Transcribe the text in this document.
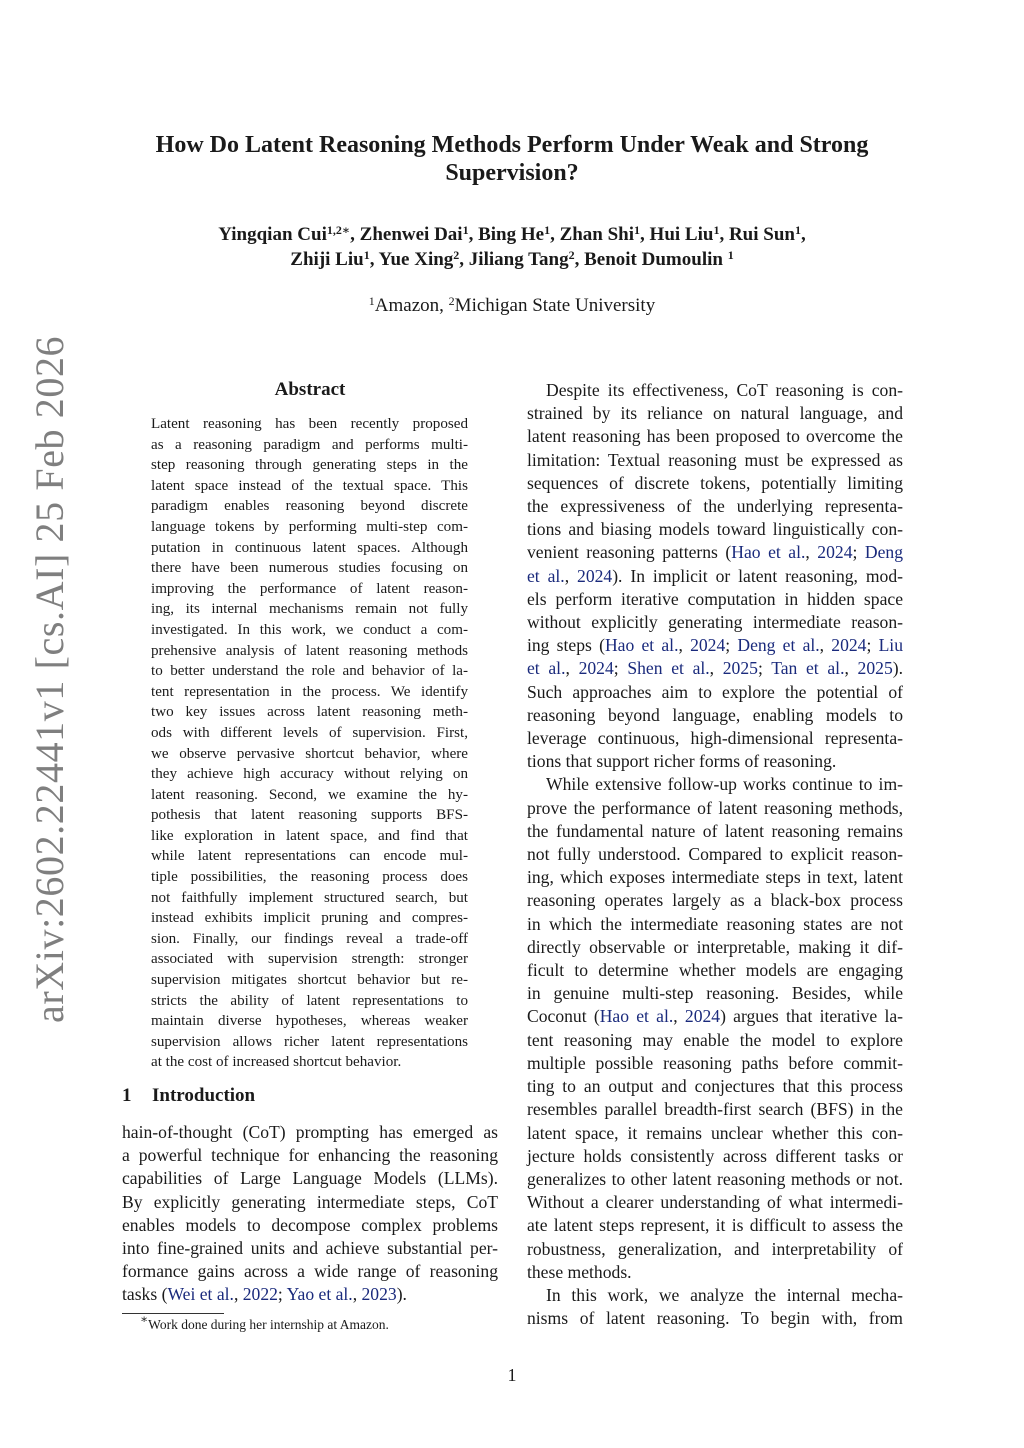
How Do Latent Reasoning Methods Perform Under Weak and Strong
Supervision?
Yingqian Cui$^{1,2∗}$, Zhenwei Dai$^1$, Bing He$^1$, Zhan Shi$^1$, Hui Liu$^1$, Rui Sun$^1$,
Zhiji Liu$^1$, Yue Xing$^2$, Jiliang Tang$^2$, Benoit Dumoulin $^1$
$^1$Amazon, $^2$Michigan State University
arXiv:2602.22441v1 [cs.AI] 25 Feb 2026	Abstract
Latent reasoning has been recently proposed
as a reasoning paradigm and performs multi-
step reasoning through generating steps in the
latent space instead of the textual space. This
paradigm enables reasoning beyond discrete
language tokens by performing multi-step com-
putation in continuous latent spaces. Although
there have been numerous studies focusing on
improving the performance of latent reason-
ing, its internal mechanisms remain not fully
investigated. In this work, we conduct a com-
prehensive analysis of latent reasoning methods
to better understand the role and behavior of la-
tent representation in the process. We identify
two key issues across latent reasoning meth-
ods with different levels of supervision. First,
we observe pervasive shortcut behavior, where
they achieve high accuracy without relying on
latent reasoning. Second, we examine the hy-
pothesis that latent reasoning supports BFS-
like exploration in latent space, and find that
while latent representations can encode mul-
tiple possibilities, the reasoning process does
not faithfully implement structured search, but
instead exhibits implicit pruning and compres-
sion. Finally, our findings reveal a trade-off
associated with supervision strength: stronger
supervision mitigates shortcut behavior but re-
stricts the ability of latent representations to
maintain diverse hypotheses, whereas weaker
supervision allows richer latent representations
at the cost of increased shortcut behavior.
1 Introduction
hain-of-thought (CoT) prompting has emerged as
a powerful technique for enhancing the reasoning
capabilities of Large Language Models (LLMs).
By explicitly generating intermediate steps, CoT
enables models to decompose complex problems
into fine-grained units and achieve substantial per-
formance gains across a wide range of reasoning
tasks (Wei et al., 2022; Yao et al., 2023).
Despite its effectiveness, CoT reasoning is con-
strained by its reliance on natural language, and
latent reasoning has been proposed to overcome the
limitation: Textual reasoning must be expressed as
sequences of discrete tokens, potentially limiting
the expressiveness of the underlying representa-
tions and biasing models toward linguistically con-
venient reasoning patterns (Hao et al., 2024; Deng
et al., 2024). In implicit or latent reasoning, mod-
els perform iterative computation in hidden space
without explicitly generating intermediate reason-
ing steps (Hao et al., 2024; Deng et al., 2024; Liu
et al., 2024; Shen et al., 2025; Tan et al., 2025).
Such approaches aim to explore the potential of
reasoning beyond language, enabling models to
leverage continuous, high-dimensional representa-
tions that support richer forms of reasoning.
While extensive follow-up works continue to im-
prove the performance of latent reasoning methods,
the fundamental nature of latent reasoning remains
not fully understood. Compared to explicit reason-
ing, which exposes intermediate steps in text, latent
reasoning operates largely as a black-box process
in which the intermediate reasoning states are not
directly observable or interpretable, making it dif-
ficult to determine whether models are engaging
in genuine multi-step reasoning. Besides, while
Coconut (Hao et al., 2024) argues that iterative la-
tent reasoning may enable the model to explore
multiple possible reasoning paths before commit-
ting to an output and conjectures that this process
resembles parallel breadth-first search (BFS) in the
latent space, it remains unclear whether this con-
jecture holds consistently across different tasks or
generalizes to other latent reasoning methods or not.
Without a clearer understanding of what intermedi-
ate latent steps represent, it is difficult to assess the
robustness, generalization, and interpretability of
these methods.
In this work, we analyze the internal mecha-
nisms of latent reasoning. To begin with, from
∗Work done during her internship at Amazon.
1
